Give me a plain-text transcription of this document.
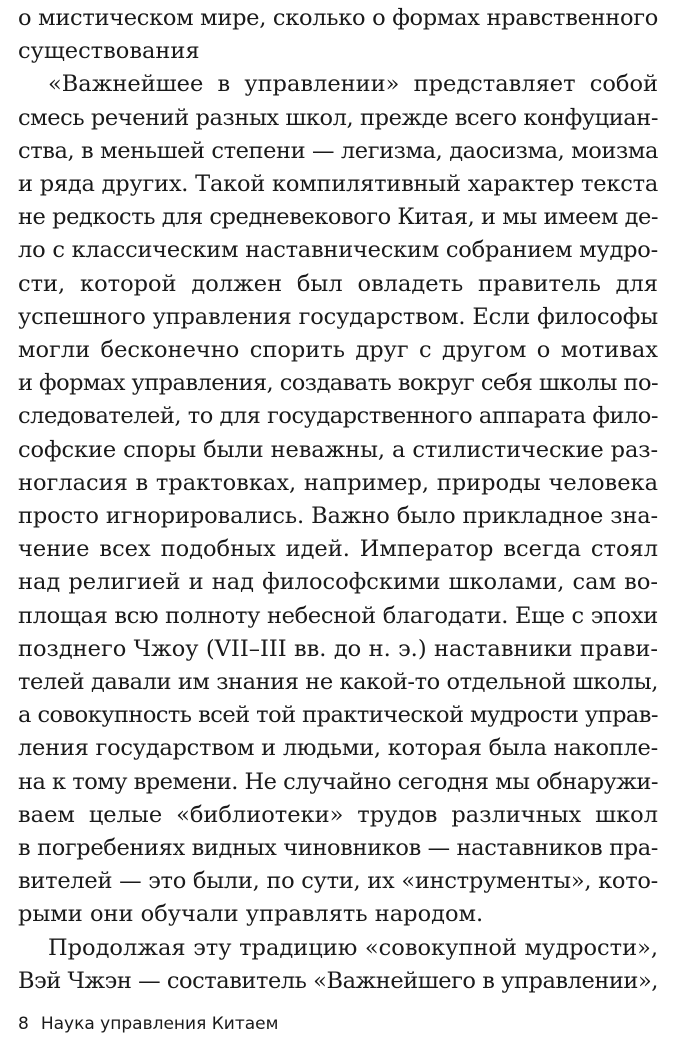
о мистическом мире, сколько о формах нравственного
существования
«Важнейшее в управлении» представляет собой
смесь речений разных школ, прежде всего конфуциан-
ства, в меньшей степени — легизма, даосизма, моизма
и ряда других. Такой компилятивный характер текста
не редкость для средневекового Китая, и мы имеем де-
ло с классическим наставническим собранием мудро-
сти, которой должен был овладеть правитель для
успешного управления государством. Если философы
могли бесконечно спорить друг с другом о мотивах
и формах управления, создавать вокруг себя школы по-
следователей, то для государственного аппарата фило-
софские споры были неважны, а стилистические раз-
ногласия в трактовках, например, природы человека
просто игнорировались. Важно было прикладное зна-
чение всех подобных идей. Император всегда стоял
над религией и над философскими школами, сам во-
площая всю полноту небесной благодати. Еще с эпохи
позднего Чжоу (VII–III вв. до н. э.) наставники прави-
телей давали им знания не какой-то отдельной школы,
а совокупность всей той практической мудрости управ-
ления государством и людьми, которая была накопле-
на к тому времени. Не случайно сегодня мы обнаружи-
ваем целые «библиотеки» трудов различных школ
в погребениях видных чиновников — наставников пра-
вителей — это были, по сути, их «инструменты», кото-
рыми они обучали управлять народом.
Продолжая эту традицию «совокупной мудрости»,
Вэй Чжэн — составитель «Важнейшего в управлении»,
8 Наука управления Китаем
